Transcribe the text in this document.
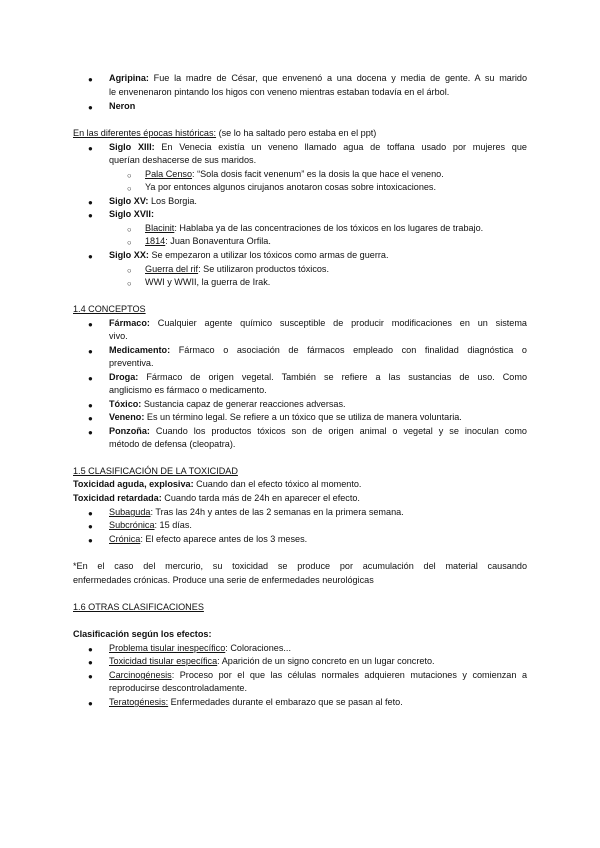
● Agripina: Fue la madre de César, que envenenó a una docena y media de gente. A su marido
le envenenaron pintando los higos con veneno mientras estaban todavía en el árbol.
● Neron
En las diferentes épocas históricas: (se lo ha saltado pero estaba en el ppt)
● Siglo XIII: En Venecia existía un veneno llamado agua de toffana usado por mujeres que
querían deshacerse de sus maridos.
○ Pala Censo: “Sola dosis facit venenum” es la dosis la que hace el veneno.
○ Ya por entonces algunos cirujanos anotaron cosas sobre intoxicaciones.
● Siglo XV: Los Borgia.
● Siglo XVII:
○ Blacinit: Hablaba ya de las concentraciones de los tóxicos en los lugares de trabajo.
○ 1814: Juan Bonaventura Orfila.
● Siglo XX: Se empezaron a utilizar los tóxicos como armas de guerra.
○ Guerra del rif: Se utilizaron productos tóxicos.
○ WWI y WWII, la guerra de Irak.
1.4 CONCEPTOS
● Fármaco: Cualquier agente químico susceptible de producir modificaciones en un sistema
vivo.
● Medicamento: Fármaco o asociación de fármacos empleado con finalidad diagnóstica o
preventiva.
● Droga: Fármaco de origen vegetal. También se refiere a las sustancias de uso. Como
anglicismo es fármaco o medicamento.
● Tóxico: Sustancia capaz de generar reacciones adversas.
● Veneno: Es un término legal. Se refiere a un tóxico que se utiliza de manera voluntaria.
● Ponzoña: Cuando los productos tóxicos son de origen animal o vegetal y se inoculan como
método de defensa (cleopatra).
1.5 CLASIFICACIÓN DE LA TOXICIDAD
Toxicidad aguda, explosiva: Cuando dan el efecto tóxico al momento.
Toxicidad retardada: Cuando tarda más de 24h en aparecer el efecto.
● Subaguda: Tras las 24h y antes de las 2 semanas en la primera semana.
● Subcrónica: 15 días.
● Crónica: El efecto aparece antes de los 3 meses.
*En el caso del mercurio, su toxicidad se produce por acumulación del material causando
enfermedades crónicas. Produce una serie de enfermedades neurológicas
1.6 OTRAS CLASIFICACIONES
Clasificación según los efectos:
● Problema tisular inespecífico: Coloraciones...
● Toxicidad tisular específica: Aparición de un signo concreto en un lugar concreto.
● Carcinogénesis: Proceso por el que las células normales adquieren mutaciones y comienzan a
reproducirse descontroladamente.
● Teratogénesis: Enfermedades durante el embarazo que se pasan al feto.
